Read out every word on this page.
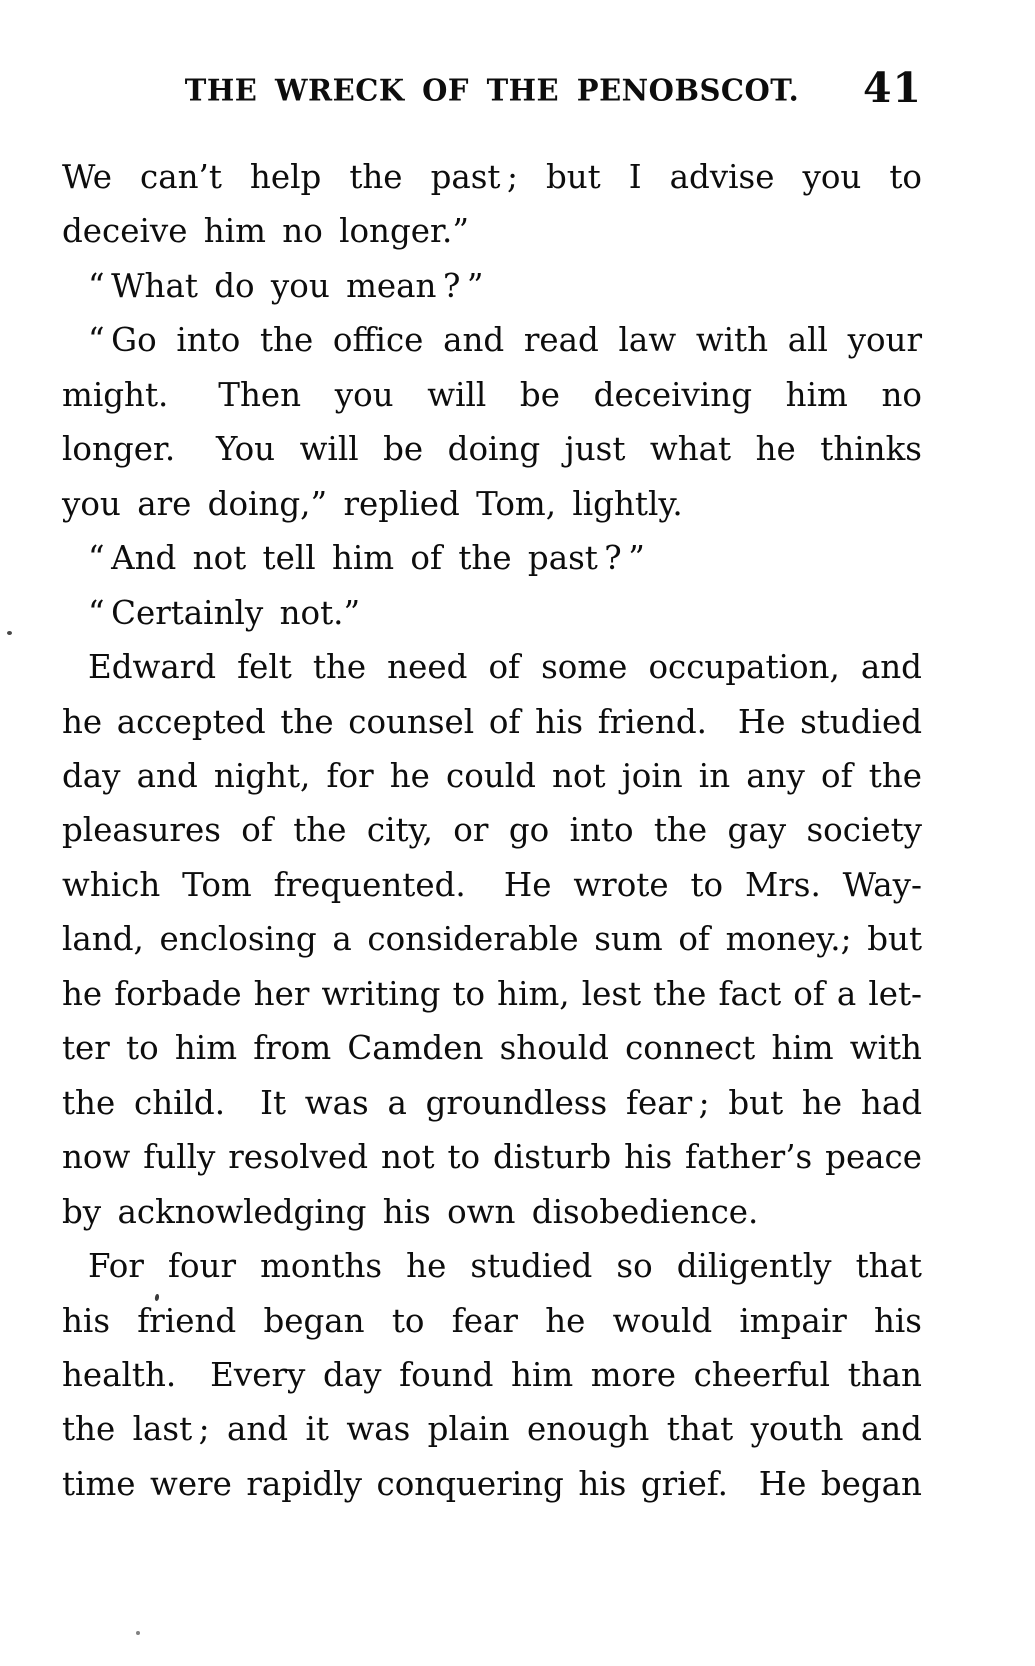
THE WRECK OF THE PENOBSCOT.	41
We can’t help the past ; but I advise you to
deceive him no longer.”
“ What do you mean ? ”
“ Go into the office and read law with all your
might.  Then you will be deceiving him no
longer.  You will be doing just what he thinks
you are doing,” replied Tom, lightly.
“ And not tell him of the past ? ”
“ Certainly not.”
Edward felt the need of some occupation, and
he accepted the counsel of his friend.  He studied
day and night, for he could not join in any of the
pleasures of the city, or go into the gay society
which Tom frequented.  He wrote to Mrs. Way-
land, enclosing a considerable sum of money.; but
he forbade her writing to him, lest the fact of a let-
ter to him from Camden should connect him with
the child.  It was a groundless fear ; but he had
now fully resolved not to disturb his father’s peace
by acknowledging his own disobedience.
For four months he studied so diligently that
his friend began to fear he would impair his
health.  Every day found him more cheerful than
the last ; and it was plain enough that youth and
time were rapidly conquering his grief.  He began
